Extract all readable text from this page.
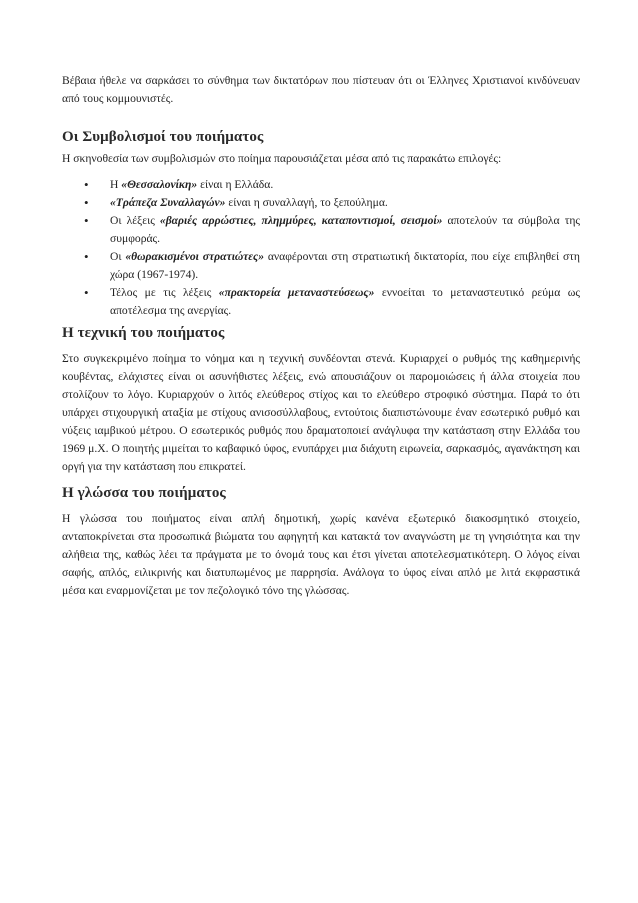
Βέβαια ήθελε να σαρκάσει το σύνθημα των δικτατόρων που πίστευαν ότι οι Έλληνες Χριστιανοί κινδύνευαν από τους κομμουνιστές.

Οι Συμβολισμοί του ποιήματος

Η σκηνοθεσία των συμβολισμών στο ποίημα παρουσιάζεται μέσα από τις παρακάτω επιλογές:

• Η «Θεσσαλονίκη» είναι η Ελλάδα.
• «Τράπεζα Συναλλαγών» είναι η συναλλαγή, το ξεπούλημα.
• Οι λέξεις «βαριές αρρώστιες, πλημμύρες, καταποντισμοί, σεισμοί» αποτελούν τα σύμβολα της συμφοράς.
• Οι «θωρακισμένοι στρατιώτες» αναφέρονται στη στρατιωτική δικτατορία, που είχε επιβληθεί στη χώρα (1967-1974).
• Τέλος με τις λέξεις «πρακτορεία μεταναστεύσεως» εννοείται το μεταναστευτικό ρεύμα ως αποτέλεσμα της ανεργίας.
Η τεχνική του ποιήματος

Στο συγκεκριμένο ποίημα το νόημα και η τεχνική συνδέονται στενά. Κυριαρχεί ο ρυθμός της καθημερινής κουβέντας, ελάχιστες είναι οι ασυνήθιστες λέξεις, ενώ απουσιάζουν οι παρομοιώσεις ή άλλα στοιχεία που στολίζουν το λόγο. Κυριαρχούν ο λιτός ελεύθερος στίχος και το ελεύθερο στροφικό σύστημα. Παρά το ότι υπάρχει στιχουργική αταξία με στίχους ανισοσύλλαβους, εντούτοις διαπιστώνουμε έναν εσωτερικό ρυθμό και νύξεις ιαμβικού μέτρου. Ο εσωτερικός ρυθμός που δραματοποιεί ανάγλυφα την κατάσταση στην Ελλάδα του 1969 μ.Χ. Ο ποιητής μιμείται το καβαφικό ύφος, ενυπάρχει μια διάχυτη ειρωνεία, σαρκασμός, αγανάκτηση και οργή για την κατάσταση που επικρατεί.

Η γλώσσα του ποιήματος

Η γλώσσα του ποιήματος είναι απλή δημοτική, χωρίς κανένα εξωτερικό διακοσμητικό στοιχείο, ανταποκρίνεται στα προσωπικά βιώματα του αφηγητή και κατακτά τον αναγνώστη με τη γνησιότητα και την αλήθεια της, καθώς λέει τα πράγματα με το όνομά τους και έτσι γίνεται αποτελεσματικότερη. Ο λόγος είναι σαφής, απλός, ειλικρινής και διατυπωμένος με παρρησία. Ανάλογα το ύφος είναι απλό με λιτά εκφραστικά μέσα και εναρμονίζεται με τον πεζολογικό τόνο της γλώσσας.
